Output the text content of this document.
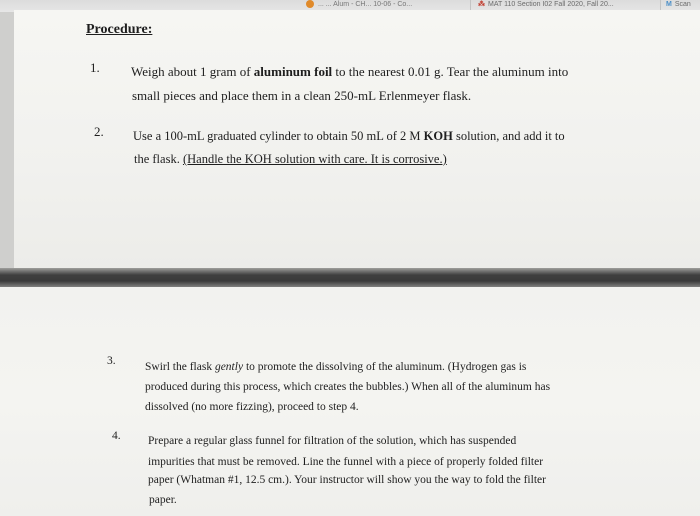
... ... Alum - CH... 10-06 - Co...	⁂ MAT 110 Section I02 Fall 2020, Fall 20...	M Scan
Procedure:
1. Weigh about 1 gram of aluminum foil to the nearest 0.01 g. Tear the aluminum into
small pieces and place them in a clean 250-mL Erlenmeyer flask.
2. Use a 100-mL graduated cylinder to obtain 50 mL of 2 M KOH solution, and add it to
the flask. (Handle the KOH solution with care. It is corrosive.)
3.	Swirl the flask gently to promote the dissolving of the aluminum. (Hydrogen gas is
produced during this process, which creates the bubbles.) When all of the aluminum has
dissolved (no more fizzing), proceed to step 4.
4. Prepare a regular glass funnel for filtration of the solution, which has suspended
impurities that must be removed. Line the funnel with a piece of properly folded filter
paper (Whatman #1, 12.5 cm.). Your instructor will show you the way to fold the filter
paper.
